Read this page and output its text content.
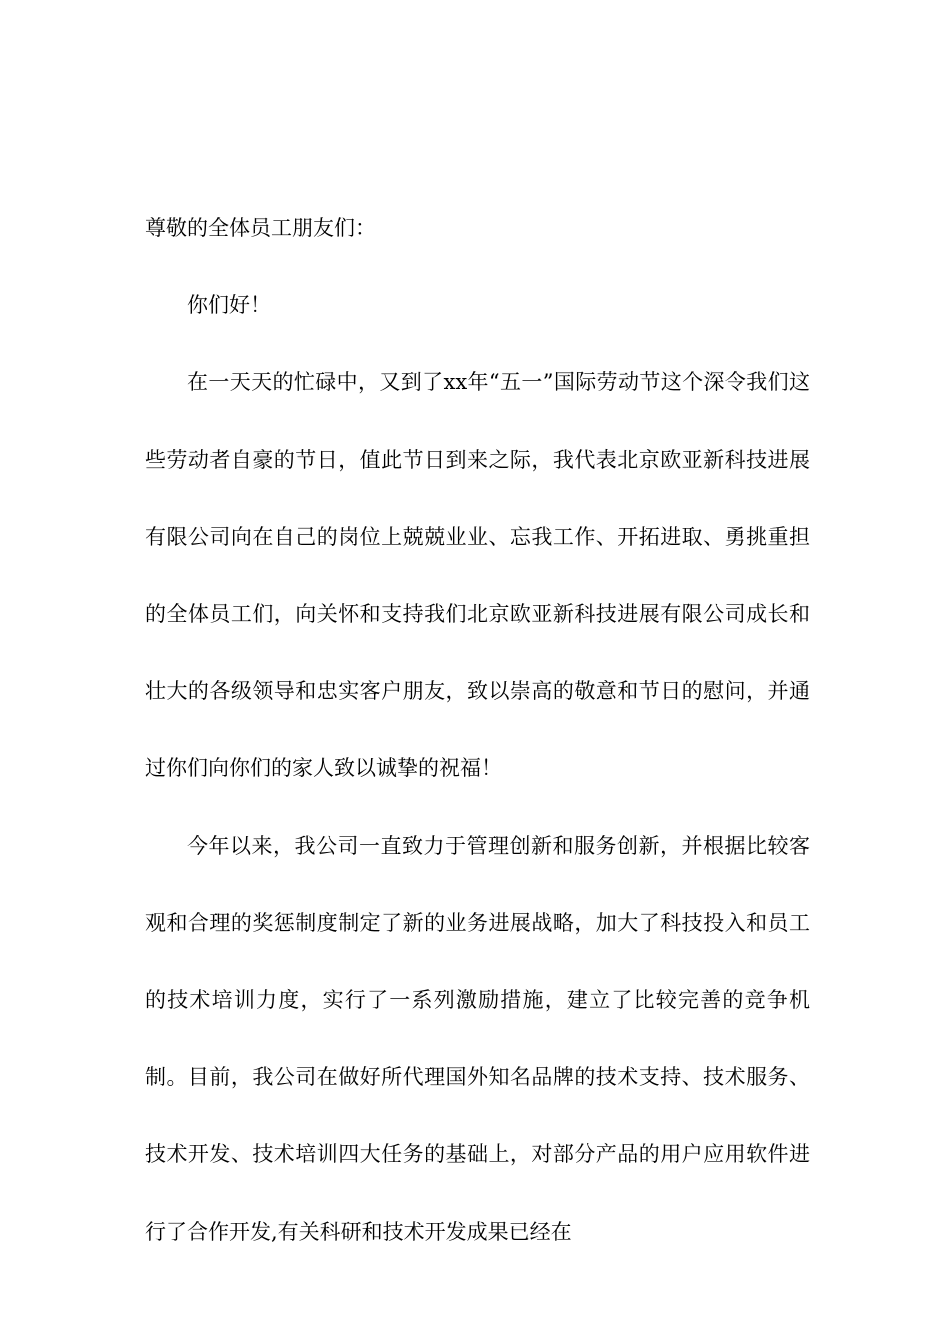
尊敬的全体员工朋友们：

你们好！

在一天天的忙碌中，又到了xx年“五一”国际劳动节这个深令我们这些劳动者自豪的节日，值此节日到来之际，我代表北京欧亚新科技进展有限公司向在自己的岗位上兢兢业业、忘我工作、开拓进取、勇挑重担的全体员工们，向关怀和支持我们北京欧亚新科技进展有限公司成长和壮大的各级领导和忠实客户朋友，致以崇高的敬意和节日的慰问，并通过你们向你们的家人致以诚挚的祝福！

今年以来，我公司一直致力于管理创新和服务创新，并根据比较客观和合理的奖惩制度制定了新的业务进展战略，加大了科技投入和员工的技术培训力度，实行了一系列激励措施，建立了比较完善的竞争机制。目前，我公司在做好所代理国外知名品牌的技术支持、技术服务、技术开发、技术培训四大任务的基础上，对部分产品的用户应用软件进行了合作开发,有关科研和技术开发成果已经在
